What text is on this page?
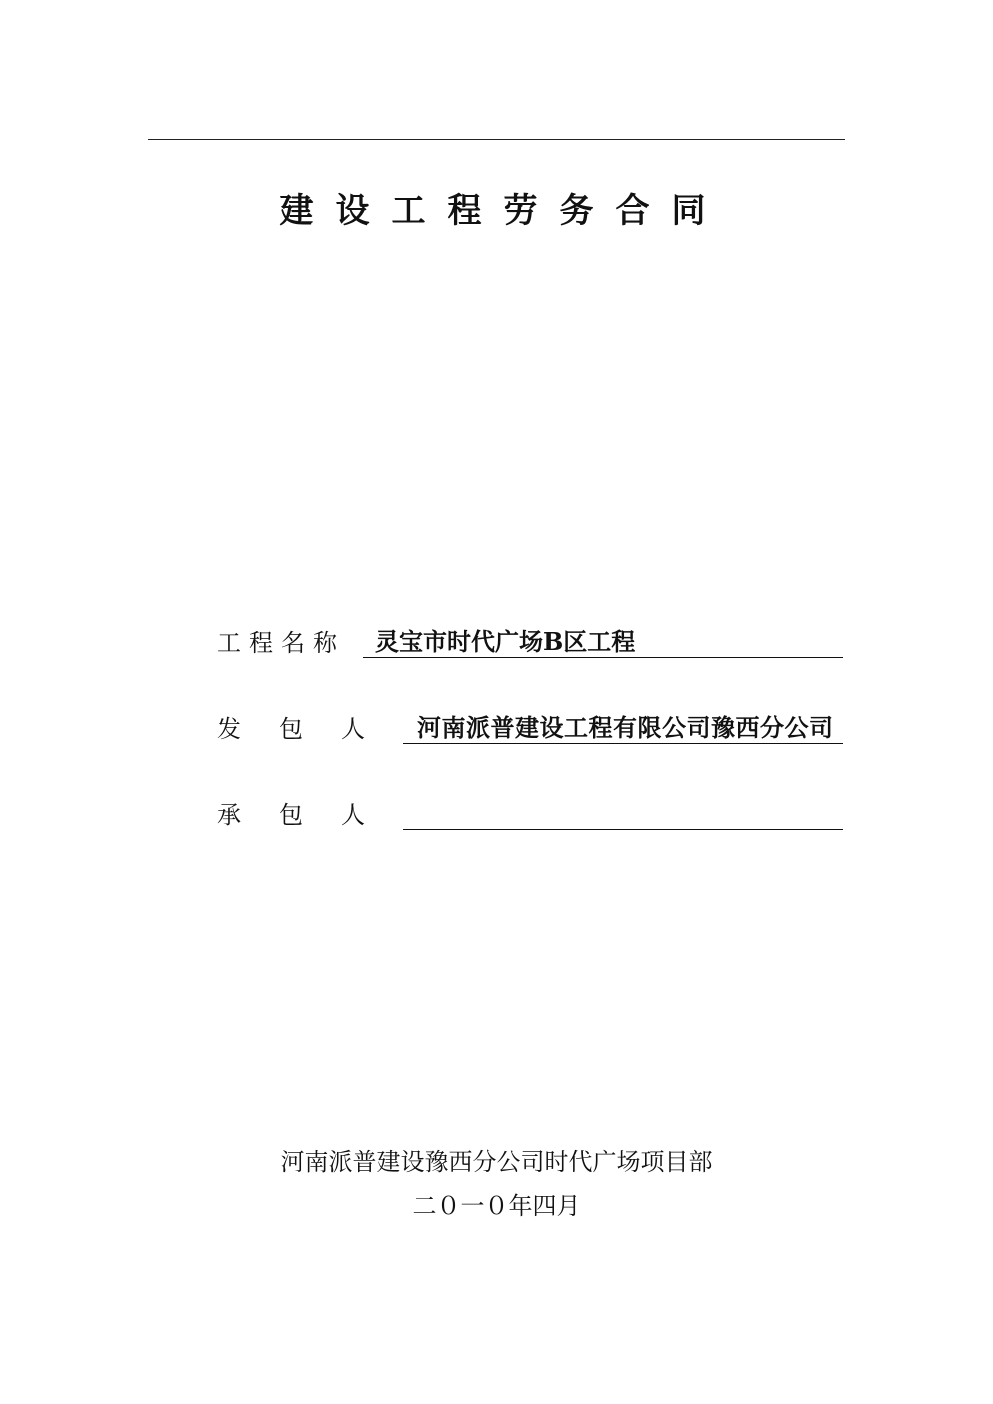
建设工程劳务合同
工程名称	灵宝市时代广场B区工程
发包人 河南派普建设工程有限公司豫西分公司
承包人
河南派普建设豫西分公司时代广场项目部
二０一０年四月
